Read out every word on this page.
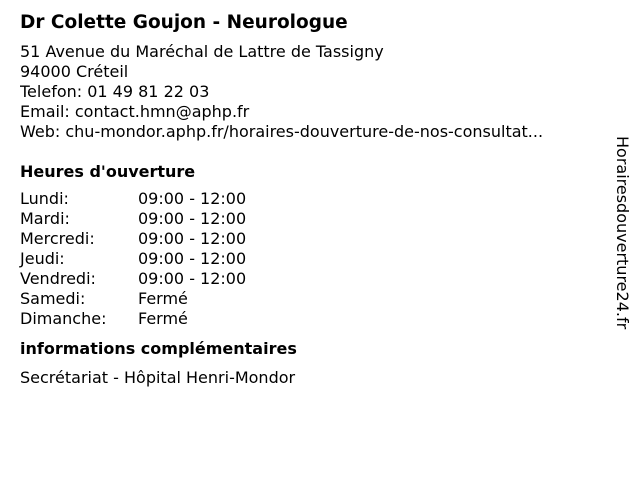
Dr Colette Goujon - Neurologue
51 Avenue du Maréchal de Lattre de Tassigny
94000 Créteil
Telefon: 01 49 81 22 03
Email: contact.hmn@aphp.fr
Web: chu-mondor.aphp.fr/horaires-douverture-de-nos-consultat...
Heures d'ouverture
Lundi:	09:00 - 12:00
Mardi:	09:00 - 12:00
Mercredi:	09:00 - 12:00
Jeudi:	09:00 - 12:00
Vendredi:	09:00 - 12:00
Samedi:	Fermé
Dimanche:	Fermé
informations complémentaires
Secrétariat - Hôpital Henri-Mondor
Horairesdouverture24.fr
